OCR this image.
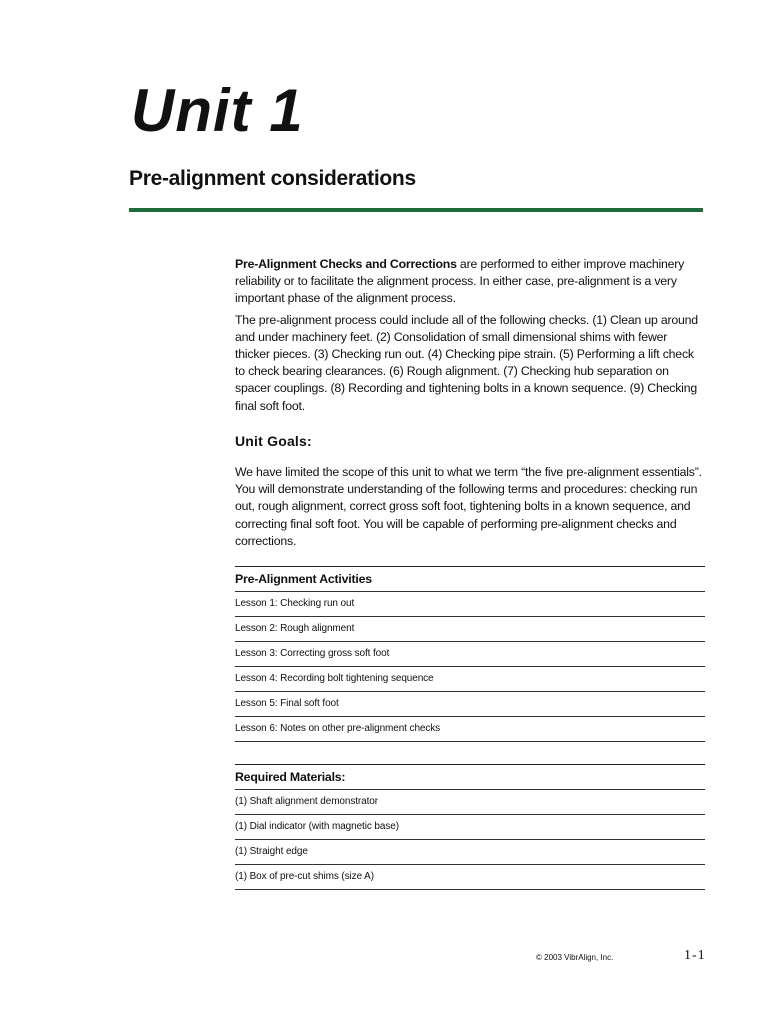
Unit 1
Pre-alignment considerations

Pre-Alignment Checks and Corrections are performed to either improve machinery reliability or to facilitate the alignment process. In either case, pre-alignment is a very important phase of the alignment process.

The pre-alignment process could include all of the following checks. (1) Clean up around and under machinery feet. (2) Consolidation of small dimensional shims with fewer thicker pieces. (3) Checking run out. (4) Checking pipe strain. (5) Performing a lift check to check bearing clearances. (6) Rough alignment. (7) Checking hub separation on spacer couplings. (8) Recording and tightening bolts in a known sequence. (9) Checking final soft foot.

Unit Goals:

We have limited the scope of this unit to what we term “the five pre-alignment essentials”. You will demonstrate understanding of the following terms and procedures: checking run out, rough alignment, correct gross soft foot, tightening bolts in a known sequence, and correcting final soft foot. You will be capable of performing pre-alignment checks and corrections.

Pre-Alignment Activities
Lesson 1: Checking run out
Lesson 2: Rough alignment
Lesson 3: Correcting gross soft foot
Lesson 4: Recording bolt tightening sequence
Lesson 5: Final soft foot
Lesson 6: Notes on other pre-alignment checks
Required Materials:
(1) Shaft alignment demonstrator
(1) Dial indicator (with magnetic base)
(1) Straight edge
(1) Box of pre-cut shims (size A)
© 2003 VibrAlign, Inc.	1-1
